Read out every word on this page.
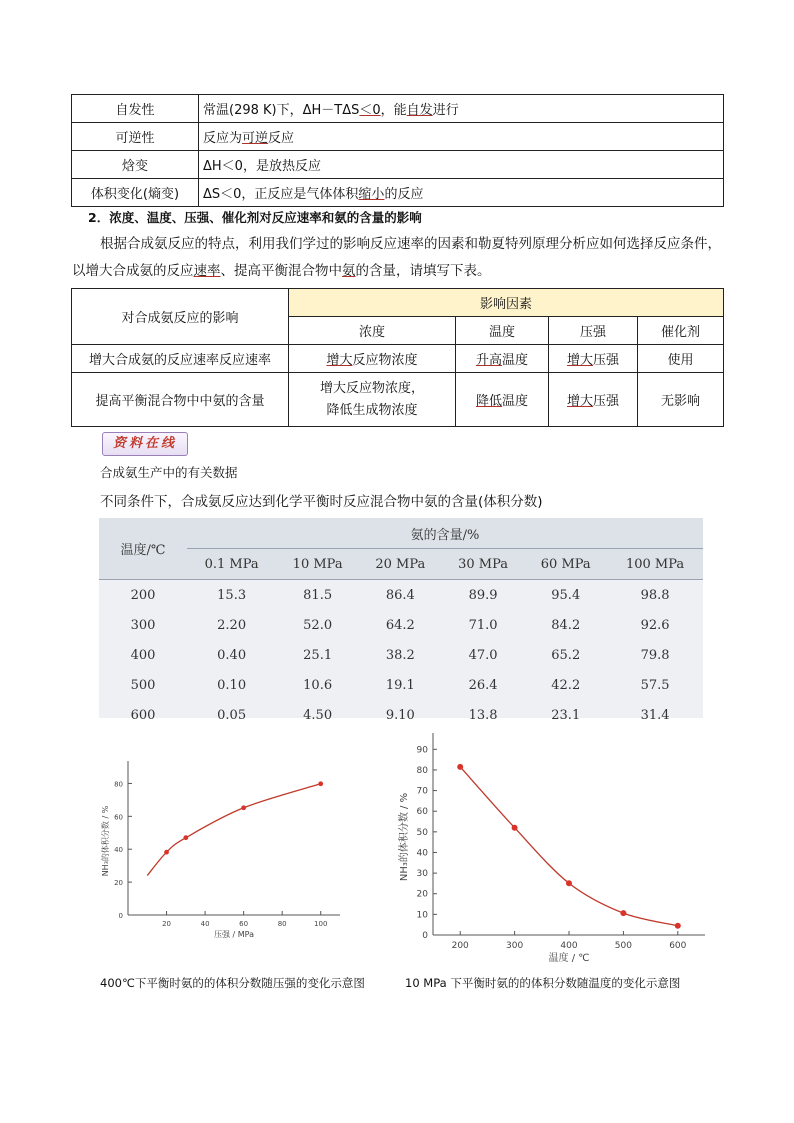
自发性	常温(298 K)下，ΔH－TΔS＜0，能自发进行
可逆性	反应为可逆反应
焓变	ΔH＜0，是放热反应
体积变化(熵变)	ΔS＜0，正反应是气体体积缩小的反应
2．浓度、温度、压强、催化剂对反应速率和氨的含量的影响
根据合成氨反应的特点，利用我们学过的影响反应速率的因素和勒夏特列原理分析应如何选择反应条件，以增大合成氨的反应速率、提高平衡混合物中氨的含量，请填写下表。
对合成氨反应的影响	影响因素			
	浓度	温度	压强	催化剂
增大合成氨的反应速率反应速率	增大反应物浓度	升高温度	增大压强	使用
提高平衡混合物中中氨的含量	增大反应物浓度，
降低生成物浓度	降低温度	增大压强	无影响
资料在线
合成氨生产中的有关数据
不同条件下，合成氨反应达到化学平衡时反应混合物中氨的含量(体积分数)
温度/℃	氨的含量/%					
	0.1 MPa	10 MPa	20 MPa	30 MPa	60 MPa	100 MPa
200	15.3	81.5	86.4	89.9	95.4	98.8
300	2.20	52.0	64.2	71.0	84.2	92.6
400	0.40	25.1	38.2	47.0	65.2	79.8
500	0.10	10.6	19.1	26.4	42.2	57.5
600	0.05	4.50	9.10	13.8	23.1	31.4
0
20
40
60
80
20	40	60	80	100
压强 / MPa
NH₃的体积分数 / %
0
10
20
30
40
50
60
70
80
90
200	300	400	500	600
温度 / ℃
NH₃的体积分数 / %
400℃下平衡时氨的的体积分数随压强的变化示意图	10 MPa 下平衡时氨的的体积分数随温度的变化示意图
